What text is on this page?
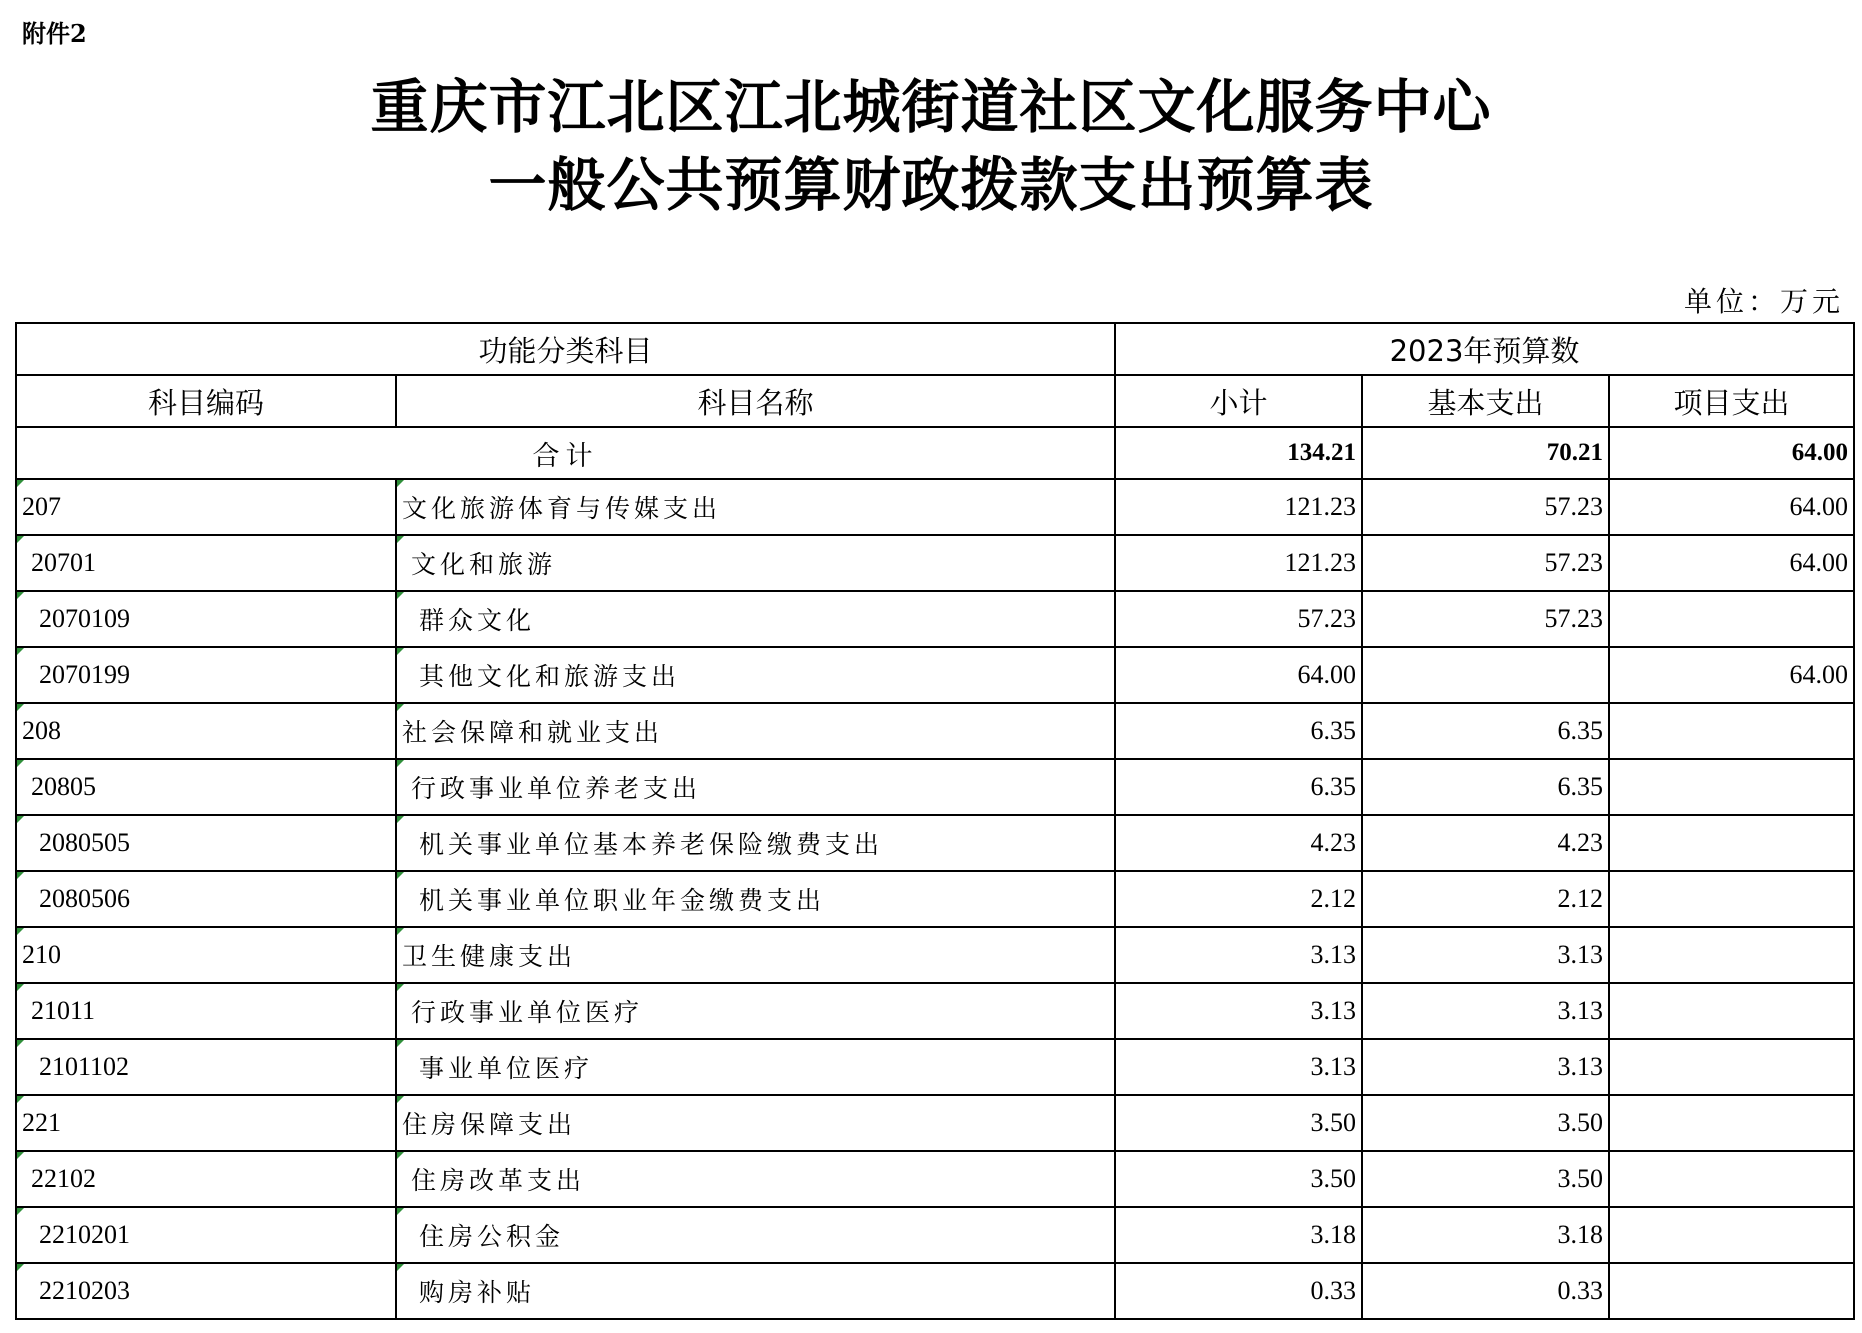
附件2
重庆市江北区江北城街道社区文化服务中心
一般公共预算财政拨款支出预算表
单位：万元
功能分类科目		2023年预算数		
科目编码	科目名称	小计	基本支出	项目支出
合计		134.21	70.21	64.00
207	文化旅游体育与传媒支出	121.23	57.23	64.00
20701	文化和旅游	121.23	57.23	64.00
2070109	群众文化	57.23	57.23	
2070199	其他文化和旅游支出	64.00		64.00
208	社会保障和就业支出	6.35	6.35	
20805	行政事业单位养老支出	6.35	6.35	
2080505	机关事业单位基本养老保险缴费支出	4.23	4.23	
2080506	机关事业单位职业年金缴费支出	2.12	2.12	
210	卫生健康支出	3.13	3.13	
21011	行政事业单位医疗	3.13	3.13	
2101102	事业单位医疗	3.13	3.13	
221	住房保障支出	3.50	3.50	
22102	住房改革支出	3.50	3.50	
2210201	住房公积金	3.18	3.18	
2210203	购房补贴	0.33	0.33	
